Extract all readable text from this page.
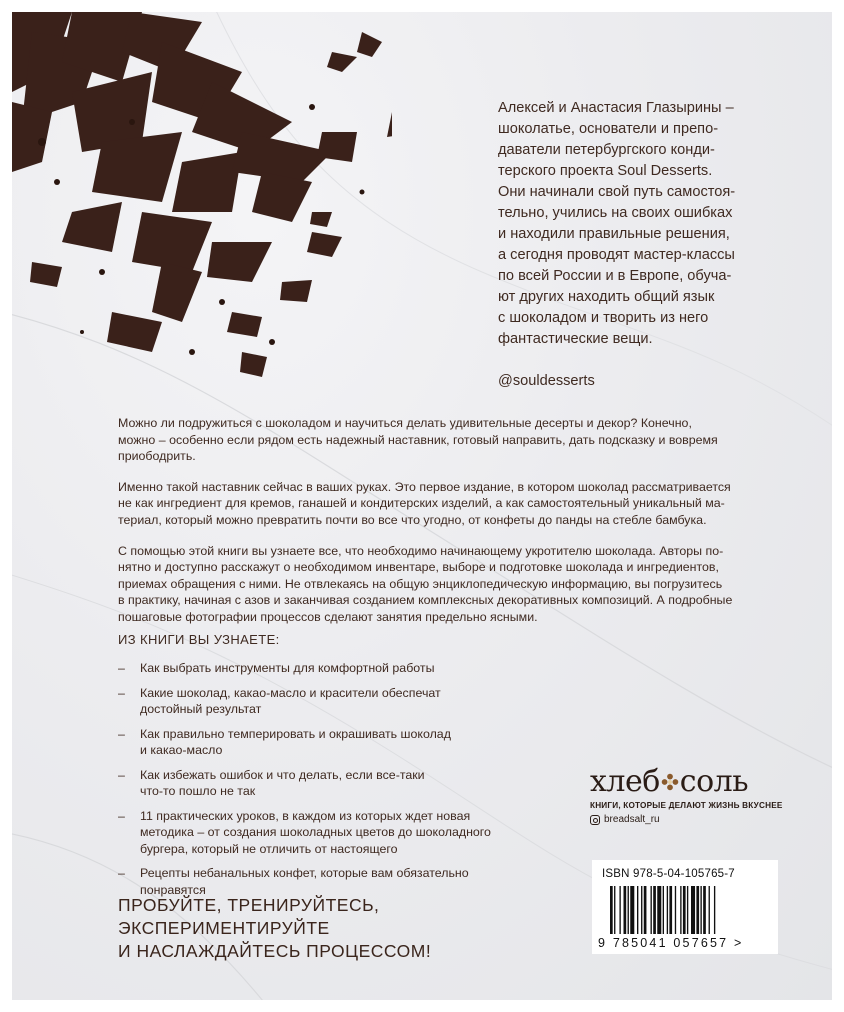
Алексей и Анастасия Глазырины –
шоколатье, основатели и препо-
даватели петербургского конди-
терского проекта Soul Desserts.
Они начинали свой путь самостоя-
тельно, учились на своих ошибках
и находили правильные решения,
а сегодня проводят мастер-классы
по всей России и в Европе, обуча-
ют других находить общий язык
с шоколадом и творить из него
фантастические вещи.
@souldesserts

Можно ли подружиться с шоколадом и научиться делать удивительные десерты и декор? Конечно,
можно – особенно если рядом есть надежный наставник, готовый направить, дать подсказку и вовремя
приободрить.

Именно такой наставник сейчас в ваших руках. Это первое издание, в котором шоколад рассматривается
не как ингредиент для кремов, ганашей и кондитерских изделий, а как самостоятельный уникальный ма-
териал, который можно превратить почти во все что угодно, от конфеты до панды на стебле бамбука.

С помощью этой книги вы узнаете все, что необходимо начинающему укротителю шоколада. Авторы по-
нятно и доступно расскажут о необходимом инвентаре, выборе и подготовке шоколада и ингредиентов,
приемах обращения с ними. Не отвлекаясь на общую энциклопедическую информацию, вы погрузитесь
в практику, начиная с азов и заканчивая созданием комплексных декоративных композиций. А подробные
пошаговые фотографии процессов сделают занятия предельно ясными.

ИЗ КНИГИ ВЫ УЗНАЕТЕ:
– Как выбрать инструменты для комфортной работы
– Какие шоколад, какао-масло и красители обеспечат
достойный результат
– Как правильно темперировать и окрашивать шоколад
и какао-масло
– Как избежать ошибок и что делать, если все-таки
что-то пошло не так
– 11 практических уроков, в каждом из которых ждет новая
методика – от создания шоколадных цветов до шоколадного
бургера, который не отличить от настоящего
– Рецепты небанальных конфет, которые вам обязательно
понравятся
ПРОБУЙТЕ, ТРЕНИРУЙТЕСЬ, ЭКСПЕРИМЕНТИРУЙТЕ
И НАСЛАЖДАЙТЕСЬ ПРОЦЕССОМ!
хлеб соль
КНИГИ, КОТОРЫЕ ДЕЛАЮТ ЖИЗНЬ ВКУСНЕЕ
breadsalt_ru
ISBN 978-5-04-105765-7
9 785041 057657 >
